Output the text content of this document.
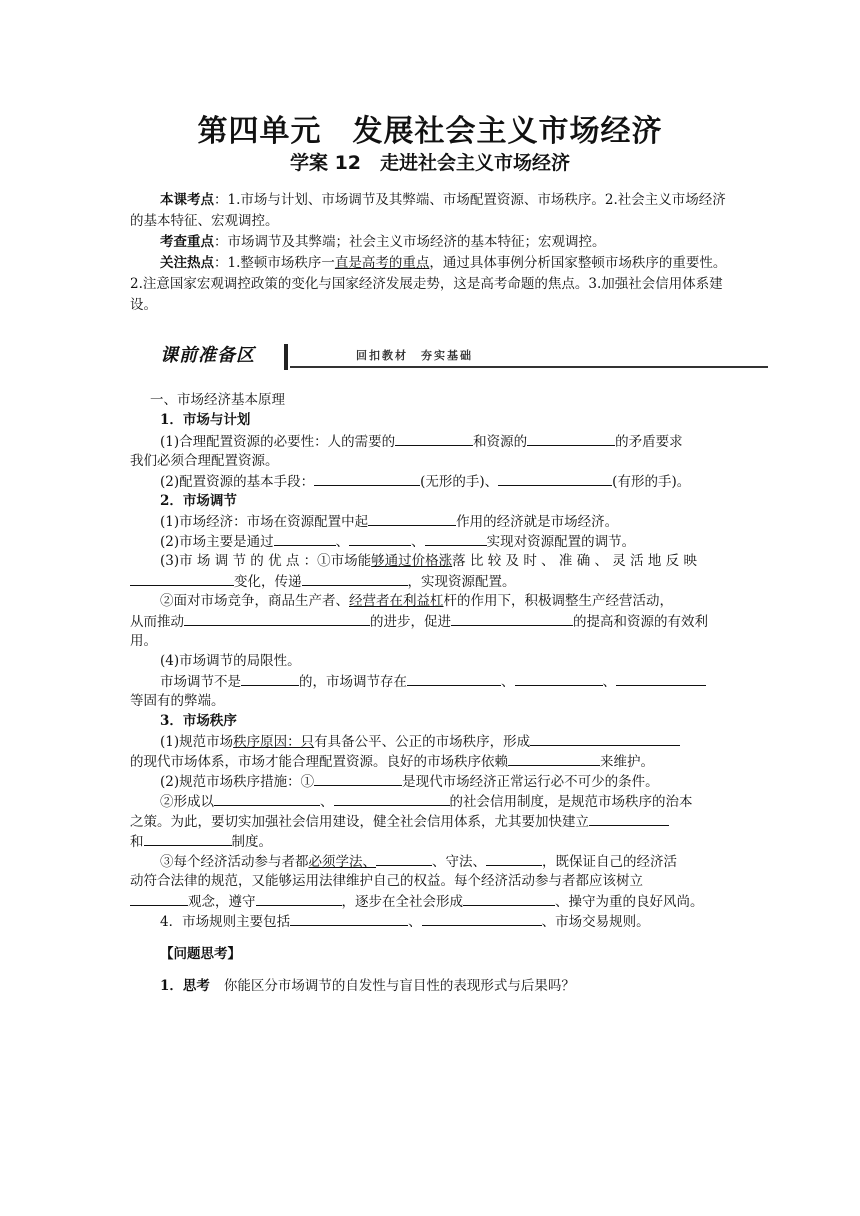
第四单元　发展社会主义市场经济
学案 12　走进社会主义市场经济
本课考点：1.市场与计划、市场调节及其弊端、市场配置资源、市场秩序。2.社会主义市场经济的基本特征、宏观调控。
考查重点：市场调节及其弊端；社会主义市场经济的基本特征；宏观调控。
关注热点：1.整顿市场秩序一直是高考的重点，通过具体事例分析国家整顿市场秩序的重要性。2.注意国家宏观调控政策的变化与国家经济发展走势，这是高考命题的焦点。3.加强社会信用体系建设。
课前准备区	回扣教材　夯实基础
一、市场经济基本原理
1．市场与计划
(1)合理配置资源的必要性：人的需要的	和资源的	的矛盾要求
我们必须合理配置资源。
(2)配置资源的基本手段：	(无形的手)、	(有形的手)。
2．市场调节
(1)市场经济：市场在资源配置中起	作用的经济就是市场经济。
(2)市场主要是通过	、	、	实现对资源配置的调节。
(3)市 场 调 节 的 优 点 ：①市场能够通过价格涨落 比 较 及 时 、 准 确 、 灵 活 地 反 映
变化，传递	，实现资源配置。
②面对市场竞争，商品生产者、经营者在利益杠杆的作用下，积极调整生产经营活动，
从而推动	的进步，促进	的提高和资源的有效利
用。
(4)市场调节的局限性。
市场调节不是	的，市场调节存在	、	、
等固有的弊端。
3．市场秩序
(1)规范市场秩序原因：只有具备公平、公正的市场秩序，形成
的现代市场体系，市场才能合理配置资源。良好的市场秩序依赖	来维护。
(2)规范市场秩序措施：①	是现代市场经济正常运行必不可少的条件。
②形成以	、	的社会信用制度，是规范市场秩序的治本
之策。为此，要切实加强社会信用建设，健全社会信用体系，尤其要加快建立
和	制度。
③每个经济活动参与者都必须学法、	、守法、	，既保证自己的经济活
动符合法律的规范，又能够运用法律维护自己的权益。每个经济活动参与者都应该树立
观念，遵守	，逐步在全社会形成	、操守为重的良好风尚。
4．市场规则主要包括	、	、市场交易规则。
【问题思考】
1．思考 你能区分市场调节的自发性与盲目性的表现形式与后果吗？
